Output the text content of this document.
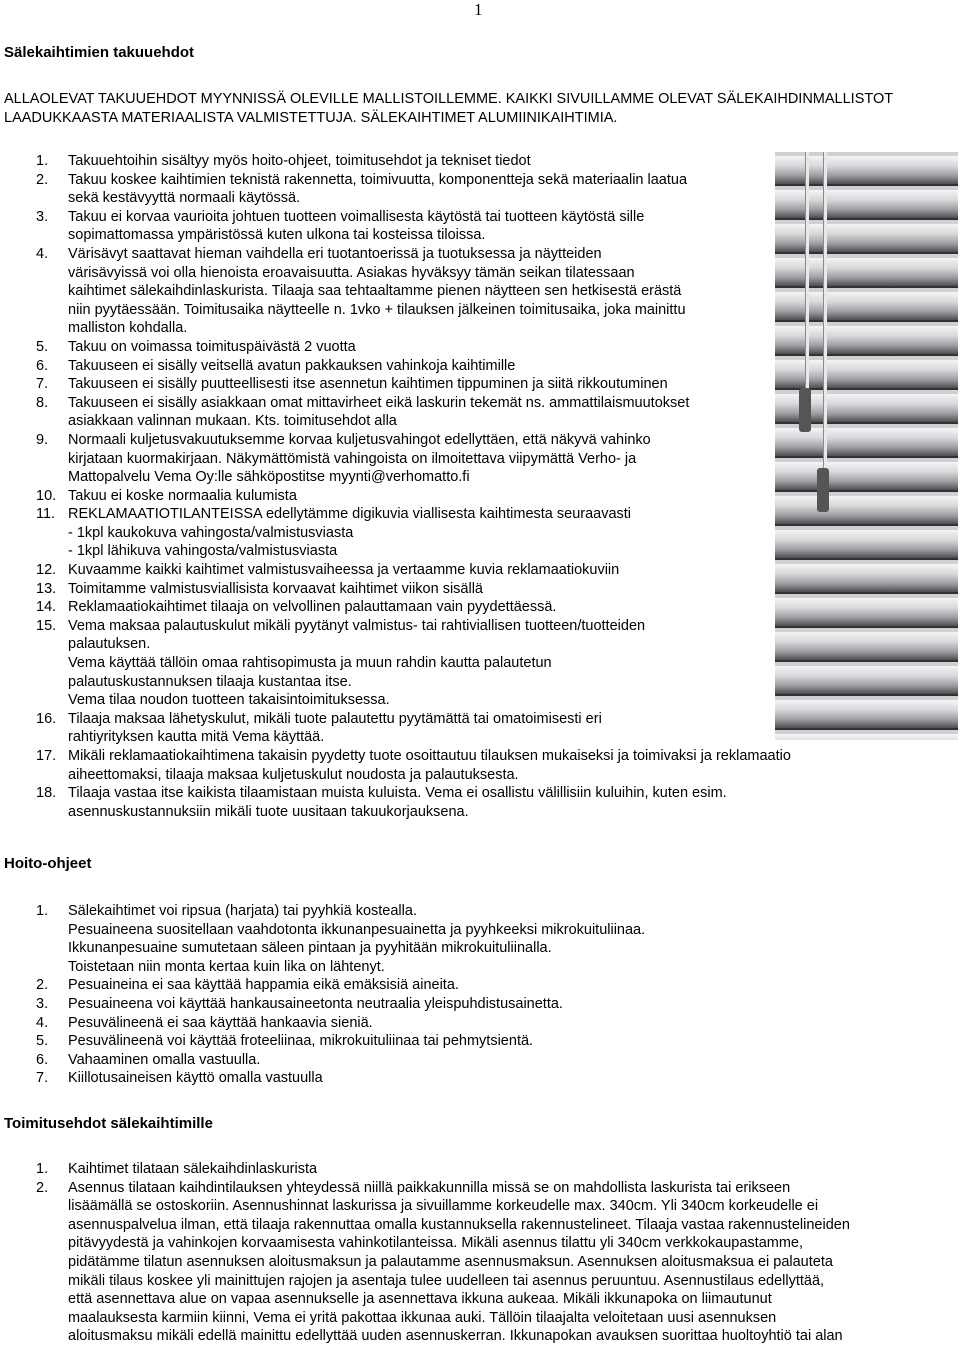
1
Sälekaihtimien takuuehdot
ALLAOLEVAT TAKUUEHDOT MYYNNISSÄ OLEVILLE MALLISTOILLEMME. KAIKKI SIVUILLAMME OLEVAT SÄLEKAIHDINMALLISTOT LAADUKKAASTA MATERIAALISTA VALMISTETTUJA. SÄLEKAIHTIMET ALUMIINIKAIHTIMIA.
1. Takuuehtoihin sisältyy myös hoito-ohjeet, toimitusehdot ja tekniset tiedot
2. Takuu koskee kaihtimien teknistä rakennetta, toimivuutta, komponentteja sekä materiaalin laatua
sekä kestävyyttä normaali käytössä.
3. Takuu ei korvaa vaurioita johtuen tuotteen voimallisesta käytöstä tai tuotteen käytöstä sille
sopimattomassa ympäristössä kuten ulkona tai kosteissa tiloissa.
4. Värisävyt saattavat hieman vaihdella eri tuotantoerissä ja tuotuksessa ja näytteiden
värisävyissä voi olla hienoista eroavaisuutta. Asiakas hyväksyy tämän seikan tilatessaan
kaihtimet sälekaihdinlaskurista. Tilaaja saa tehtaaltamme pienen näytteen sen hetkisestä erästä
niin pyytäessään. Toimitusaika näytteelle n. 1vko + tilauksen jälkeinen toimitusaika, joka mainittu
malliston kohdalla.
5. Takuu on voimassa toimituspäivästä 2 vuotta
6. Takuuseen ei sisälly veitsellä avatun pakkauksen vahinkoja kaihtimille
7. Takuuseen ei sisälly puutteellisesti itse asennetun kaihtimen tippuminen ja siitä rikkoutuminen
8. Takuuseen ei sisälly asiakkaan omat mittavirheet eikä laskurin tekemät ns. ammattilaismuutokset
asiakkaan valinnan mukaan. Kts. toimitusehdot alla
9. Normaali kuljetusvakuutuksemme korvaa kuljetusvahingot edellyttäen, että näkyvä vahinko
kirjataan kuormakirjaan. Näkymättömistä vahingoista on ilmoitettava viipymättä Verho- ja
Mattopalvelu Vema Oy:lle sähköpostitse myynti@verhomatto.fi
10. Takuu ei koske normaalia kulumista
11. REKLAMAATIOTILANTEISSA edellytämme digikuvia viallisesta kaihtimesta seuraavasti
- 1kpl kaukokuva vahingosta/valmistusviasta
- 1kpl lähikuva vahingosta/valmistusviasta
12. Kuvaamme kaikki kaihtimet valmistusvaiheessa ja vertaamme kuvia reklamaatiokuviin
13. Toimitamme valmistusviallisista korvaavat kaihtimet viikon sisällä
14. Reklamaatiokaihtimet tilaaja on velvollinen palauttamaan vain pyydettäessä.
15. Vema maksaa palautuskulut mikäli pyytänyt valmistus- tai rahtiviallisen tuotteen/tuotteiden
palautuksen.
Vema käyttää tällöin omaa rahtisopimusta ja muun rahdin kautta palautetun
palautuskustannuksen tilaaja kustantaa itse.
Vema tilaa noudon tuotteen takaisintoimituksessa.
16. Tilaaja maksaa lähetyskulut, mikäli tuote palautettu pyytämättä tai omatoimisesti eri
rahtiyrityksen kautta mitä Vema käyttää.
17. Mikäli reklamaatiokaihtimena takaisin pyydetty tuote osoittautuu tilauksen mukaiseksi ja toimivaksi ja reklamaatio
aiheettomaksi, tilaaja maksaa kuljetuskulut noudosta ja palautuksesta.
18. Tilaaja vastaa itse kaikista tilaamistaan muista kuluista. Vema ei osallistu välillisiin kuluihin, kuten esim.
asennuskustannuksiin mikäli tuote uusitaan takuukorjauksena.
Hoito-ohjeet
1. Sälekaihtimet voi ripsua (harjata) tai pyyhkiä kostealla.
Pesuaineena suositellaan vaahdotonta ikkunanpesuainetta ja pyyhkeeksi mikrokuituliinaa.
Ikkunanpesuaine sumutetaan säleen pintaan ja pyyhitään mikrokuituliinalla.
Toistetaan niin monta kertaa kuin lika on lähtenyt.
2. Pesuaineina ei saa käyttää happamia eikä emäksisiä aineita.
3. Pesuaineena voi käyttää hankausaineetonta neutraalia yleispuhdistusainetta.
4. Pesuvälineenä ei saa käyttää hankaavia sieniä.
5. Pesuvälineenä voi käyttää froteeliinaa, mikrokuituliinaa tai pehmytsientä.
6. Vahaaminen omalla vastuulla.
7. Kiillotusaineisen käyttö omalla vastuulla
Toimitusehdot sälekaihtimille
1. Kaihtimet tilataan sälekaihdinlaskurista
2. Asennus tilataan kaihdintilauksen yhteydessä niillä paikkakunnilla missä se on mahdollista laskurista tai erikseen
lisäämällä se ostoskoriin. Asennushinnat laskurissa ja sivuillamme korkeudelle max. 340cm. Yli 340cm korkeudelle ei
asennuspalvelua ilman, että tilaaja rakennuttaa omalla kustannuksella rakennustelineet. Tilaaja vastaa rakennustelineiden
pitävyydestä ja vahinkojen korvaamisesta vahinkotilanteissa. Mikäli asennus tilattu yli 340cm verkkokaupastamme,
pidätämme tilatun asennuksen aloitusmaksun ja palautamme asennusmaksun. Asennuksen aloitusmaksua ei palauteta
mikäli tilaus koskee yli mainittujen rajojen ja asentaja tulee uudelleen tai asennus peruuntuu. Asennustilaus edellyttää,
että asennettava alue on vapaa asennukselle ja asennettava ikkuna aukeaa. Mikäli ikkunapoka on liimautunut
maalauksesta karmiin kiinni, Vema ei yritä pakottaa ikkunaa auki. Tällöin tilaajalta veloitetaan uusi asennuksen
aloitusmaksu mikäli edellä mainittu edellyttää uuden asennuskerran. Ikkunapokan avauksen suorittaa huoltoyhtiö tai alan
